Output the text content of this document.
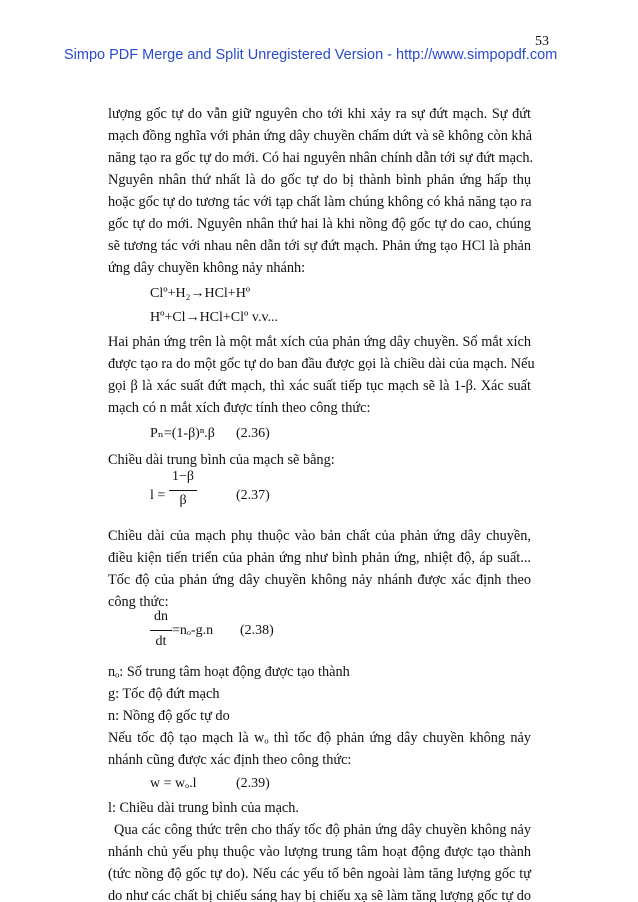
Simpo PDF Merge and Split Unregistered Version - http://www.simpopdf.com
53
lượng gốc tự do vẫn giữ nguyên cho tới khi xảy ra sự đứt mạch. Sự đứt
mạch đồng nghĩa với phản ứng dây chuyền chấm dứt và sẽ không còn khả
năng tạo ra gốc tự do mới. Có hai nguyên nhân chính dẫn tới sự đứt mạch.
Nguyên nhân thứ nhất là do gốc tự do bị thành bình phản ứng hấp thụ
hoặc gốc tự do tương tác với tạp chất làm chúng không có khả năng tạo ra
gốc tự do mới. Nguyên nhân thứ hai là khi nồng độ gốc tự do cao, chúng
sẽ tương tác với nhau nên dẫn tới sự đứt mạch. Phản ứng tạo HCl là phản
ứng dây chuyền không nảy nhánh:
Clº+H₂→HCl+Hº
Hº+Cl→HCl+Clº v.v...
Hai phản ứng trên là một mắt xích của phản ứng dây chuyền. Số mắt xích
được tạo ra do một gốc tự do ban đầu được gọi là chiều dài của mạch. Nếu
gọi β là xác suất đứt mạch, thì xác suất tiếp tục mạch sẽ là 1-β. Xác suất
mạch có n mắt xích được tính theo công thức:
Pₙ=(1-β)ⁿ.β (2.36)
Chiều dài trung bình của mạch sẽ bằng:
l =
1−β
β	(2.37)
Chiều dài của mạch phụ thuộc vào bản chất của phản ứng dây chuyền,
điều kiện tiến triển của phản ứng như bình phản ứng, nhiệt độ, áp suất...
Tốc độ của phản ứng dây chuyền không nảy nhánh được xác định theo
công thức:
dn
dt
=nₒ-g.n (2.38)
nₒ: Số trung tâm hoạt động được tạo thành
g: Tốc độ đứt mạch
n: Nồng độ gốc tự do
Nếu tốc độ tạo mạch là wₒ thì tốc độ phản ứng dây chuyền không nảy
nhánh cũng được xác định theo công thức:
w = wₒ.l	(2.39)
l: Chiều dài trung bình của mạch.
Qua các công thức trên cho thấy tốc độ phản ứng dây chuyền không nảy
nhánh chủ yếu phụ thuộc vào lượng trung tâm hoạt động được tạo thành
(tức nồng độ gốc tự do). Nếu các yếu tố bên ngoài làm tăng lượng gốc tự
do như các chất bị chiếu sáng hay bị chiếu xạ sẽ làm tăng lượng gốc tự do
